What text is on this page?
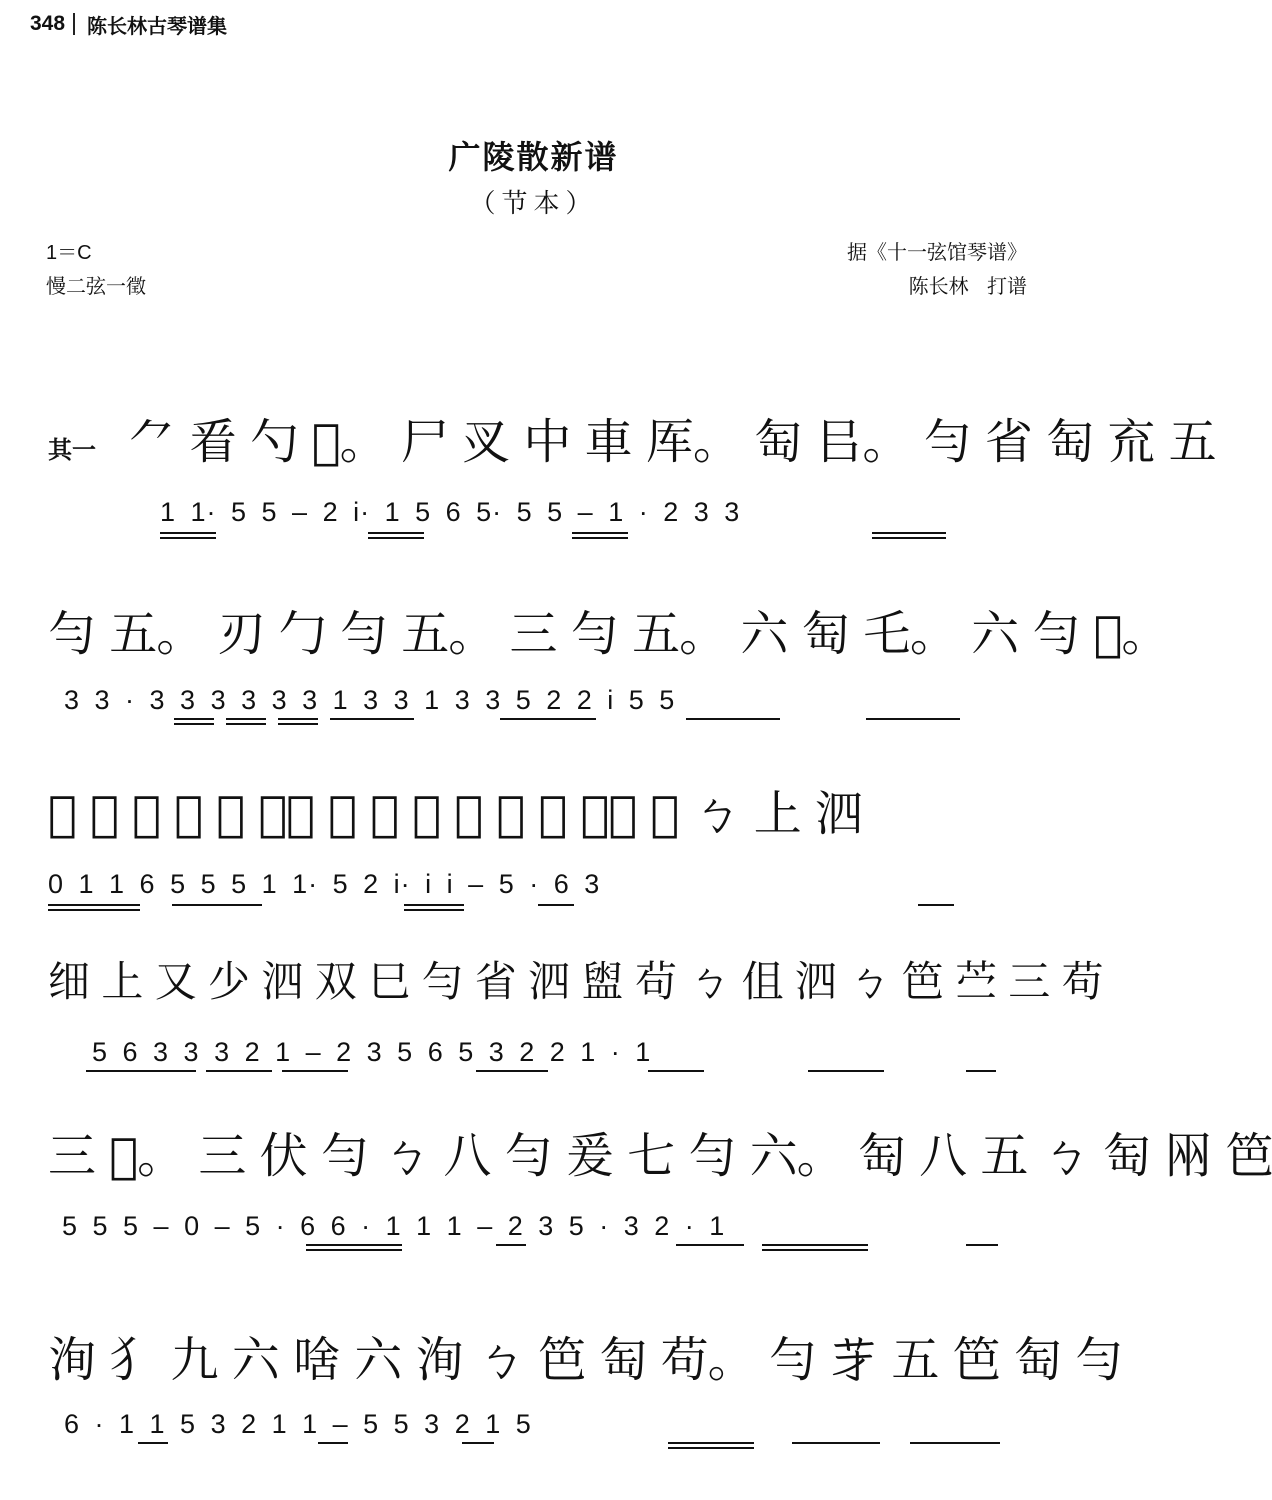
348 陈长林古琴谱集
广陵散新谱
（节本）
1＝C
慢二弦一徵
据《十一弦馆琴谱》
陈长林 打谱
其一 ⺈ 㸔 勺 𠁢。 尸 㕚 中 車 厍。 匋 㠯。 勻 省 匋 㐬 五
1 1· 5 5 – 2 i· 1 5 6 5· 5 5 – 1 · 2 3 3
勻 五。 刃 勹 勻 五。 三 勻 五。 六 匋 乇。 六 勻 𠁢。
3 3 · 3 3 3 3 3 3 1 3 3 1 3 3 5 2 2 i 5 5
𠁢 勹 五 四 勻 𠁢。 㸔 車 厍 勻 𦬁 。 其二 匋 ㄅ 上 泗
0 1 1 6 5 5 5 1 1· 5 2 i· i i – 5 · 6 3
细 上 又 少 泗 双 巳 勻 省 泗 盥 茍 ㄅ 伹 泗 ㄅ 笆 苎 三 苟
5 6 3 3 3 2 1 – 2 3 5 6 5 3 2 2 1 · 1
三 𠁢。 三 伏 勻 ㄅ 八 勻 爰 七 勻 六。 匋 八 五 ㄅ 匋 㒳 笆
5 5 5 – 0 – 5 · 6 6 · 1 1 1 – 2 3 5 · 3 2 · 1
洵 犭 九 六 啥 六 洵 ㄅ 笆 匋 苟。 勻 𦬁 五 笆 匋 勻
6 · 1 1 5 3 2 1 1 – 5 5 3 2 1 5
